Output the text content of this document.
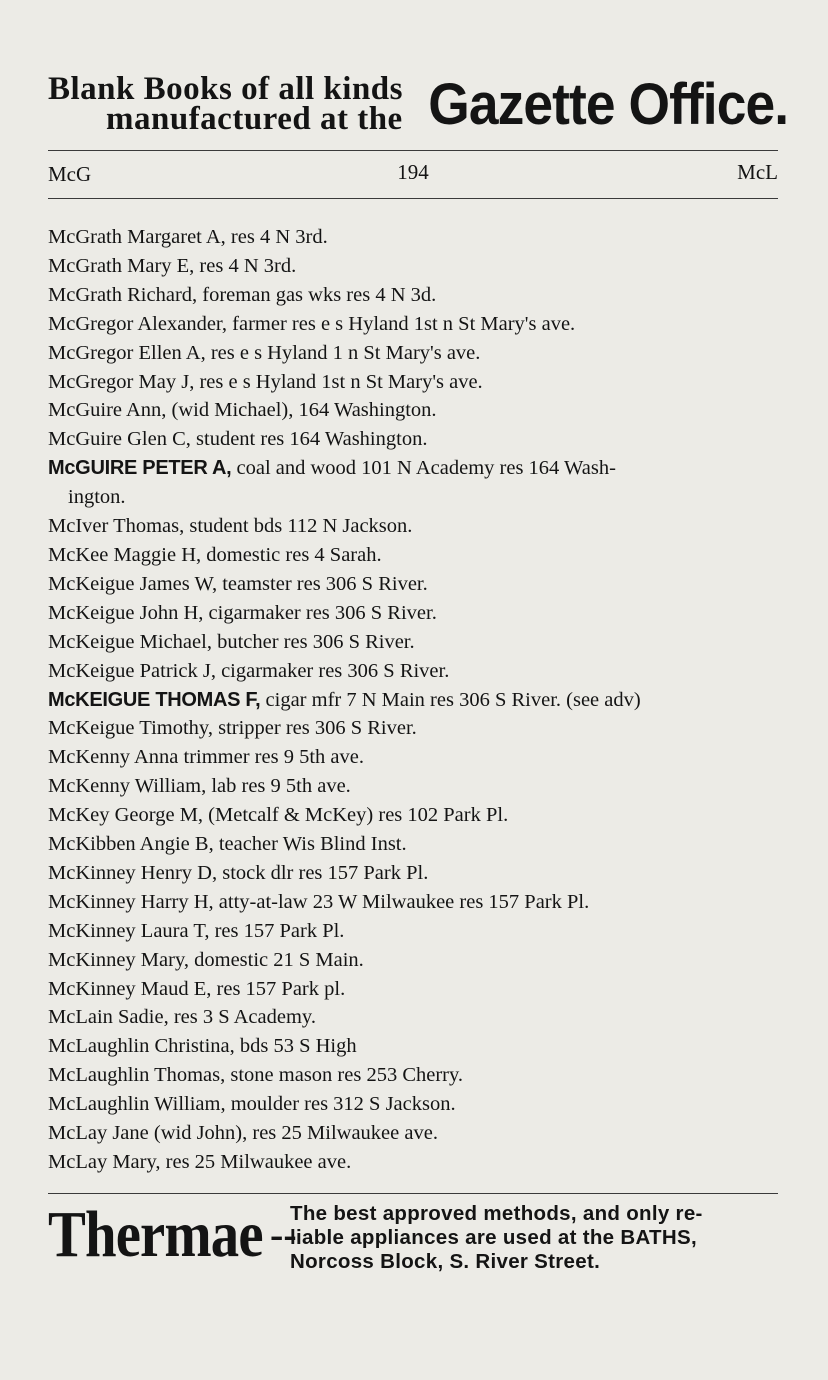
Blank Books of all kinds
manufactured at the Gazette Office.
McG	194	McL
McGrath Margaret A, res 4 N 3rd.
McGrath Mary E, res 4 N 3rd.
McGrath Richard, foreman gas wks res 4 N 3d.
McGregor Alexander, farmer res e s Hyland 1st n St Mary's ave.
McGregor Ellen A, res e s Hyland 1 n St Mary's ave.
McGregor May J, res e s Hyland 1st n St Mary's ave.
McGuire Ann, (wid Michael), 164 Washington.
McGuire Glen C, student res 164 Washington.
McGUIRE PETER A, coal and wood 101 N Academy res 164 Wash-
ington.
McIver Thomas, student bds 112 N Jackson.
McKee Maggie H, domestic res 4 Sarah.
McKeigue James W, teamster res 306 S River.
McKeigue John H, cigarmaker res 306 S River.
McKeigue Michael, butcher res 306 S River.
McKeigue Patrick J, cigarmaker res 306 S River.
McKEIGUE THOMAS F, cigar mfr 7 N Main res 306 S River. (see adv)
McKeigue Timothy, stripper res 306 S River.
McKenny Anna trimmer res 9 5th ave.
McKenny William, lab res 9 5th ave.
McKey George M, (Metcalf & McKey) res 102 Park Pl.
McKibben Angie B, teacher Wis Blind Inst.
McKinney Henry D, stock dlr res 157 Park Pl.
McKinney Harry H, atty-at-law 23 W Milwaukee res 157 Park Pl.
McKinney Laura T, res 157 Park Pl.
McKinney Mary, domestic 21 S Main.
McKinney Maud E, res 157 Park pl.
McLain Sadie, res 3 S Academy.
McLaughlin Christina, bds 53 S High
McLaughlin Thomas, stone mason res 253 Cherry.
McLaughlin William, moulder res 312 S Jackson.
McLay Jane (wid John), res 25 Milwaukee ave.
McLay Mary, res 25 Milwaukee ave.
Thermae --
The best approved methods, and only re-
liable appliances are used at the BATHS,
Norcoss Block, S. River Street.
